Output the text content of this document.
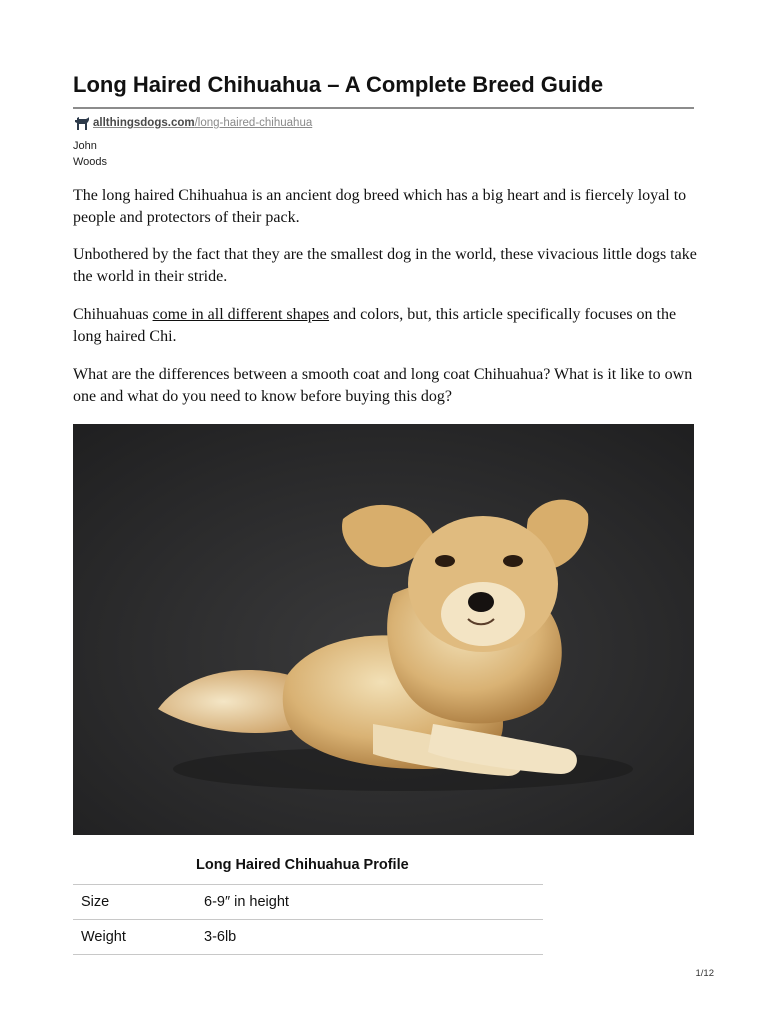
Long Haired Chihuahua – A Complete Breed Guide
allthingsdogs.com/long-haired-chihuahua
John
Woods

The long haired Chihuahua is an ancient dog breed which has a big heart and is fiercely loyal to people and protectors of their pack.

Unbothered by the fact that they are the smallest dog in the world, these vivacious little dogs take the world in their stride.

Chihuahuas come in all different shapes and colors, but, this article specifically focuses on the long haired Chi.

What are the differences between a smooth coat and long coat Chihuahua? What is it like to own one and what do you need to know before buying this dog?

Long Haired Chihuahua Profile
Size	6-9″ in height
Weight	3-6lb
1/12
